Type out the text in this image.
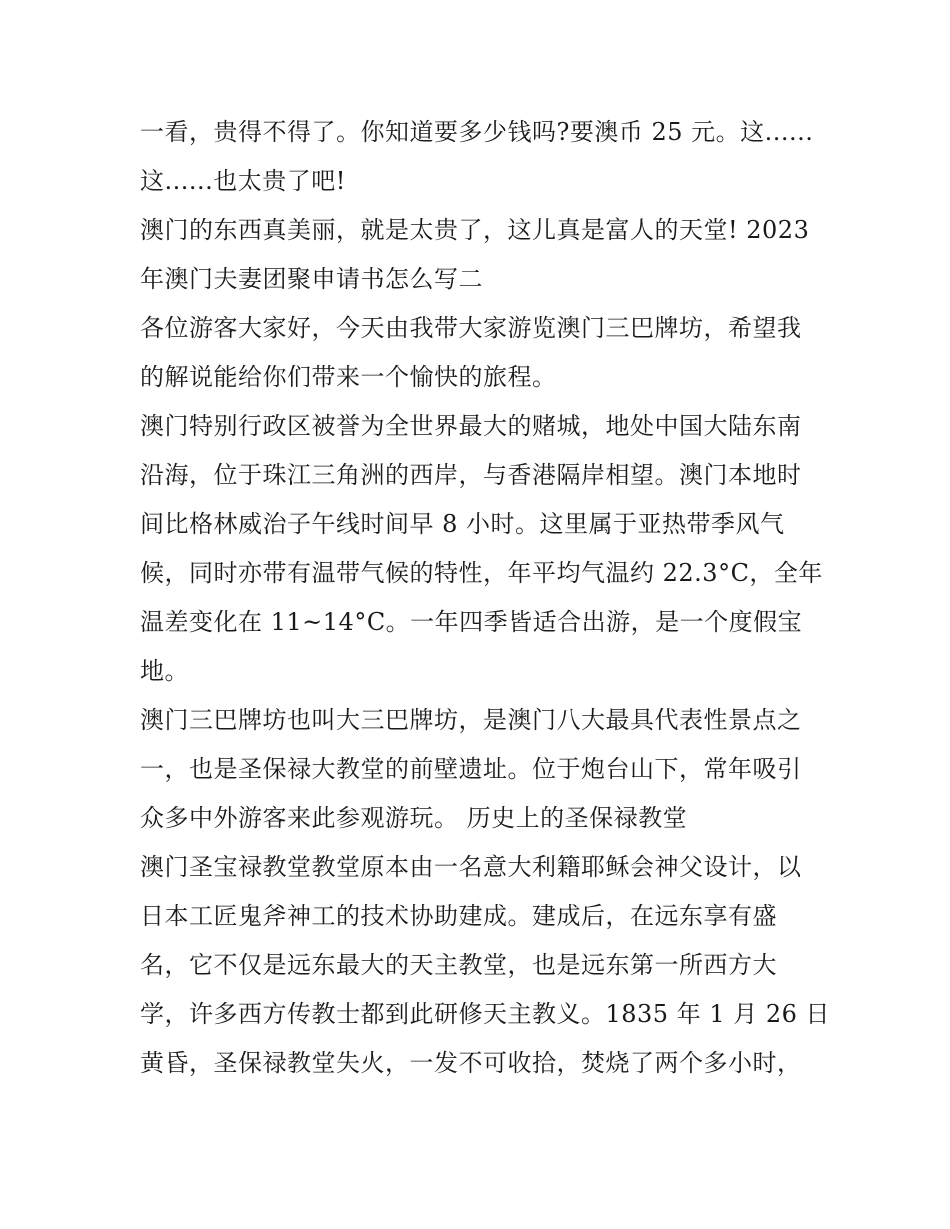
一看，贵得不得了。你知道要多少钱吗?要澳币 25 元。这......
这......也太贵了吧!
澳门的东西真美丽，就是太贵了，这儿真是富人的天堂! 2023
年澳门夫妻团聚申请书怎么写二
各位游客大家好，今天由我带大家游览澳门三巴牌坊，希望我
的解说能给你们带来一个愉快的旅程。
澳门特别行政区被誉为全世界最大的赌城，地处中国大陆东南
沿海，位于珠江三角洲的西岸，与香港隔岸相望。澳门本地时
间比格林威治子午线时间早 8 小时。这里属于亚热带季风气
候，同时亦带有温带气候的特性，年平均气温约 22.3°C，全年
温差变化在 11~14°C。一年四季皆适合出游，是一个度假宝
地。
澳门三巴牌坊也叫大三巴牌坊，是澳门八大最具代表性景点之
一，也是圣保禄大教堂的前壁遗址。位于炮台山下，常年吸引
众多中外游客来此参观游玩。 历史上的圣保禄教堂
澳门圣宝禄教堂教堂原本由一名意大利籍耶稣会神父设计，以
日本工匠鬼斧神工的技术协助建成。建成后，在远东享有盛
名，它不仅是远东最大的天主教堂，也是远东第一所西方大
学，许多西方传教士都到此研修天主教义。1835 年 1 月 26 日
黄昏，圣保禄教堂失火，一发不可收拾，焚烧了两个多小时，
